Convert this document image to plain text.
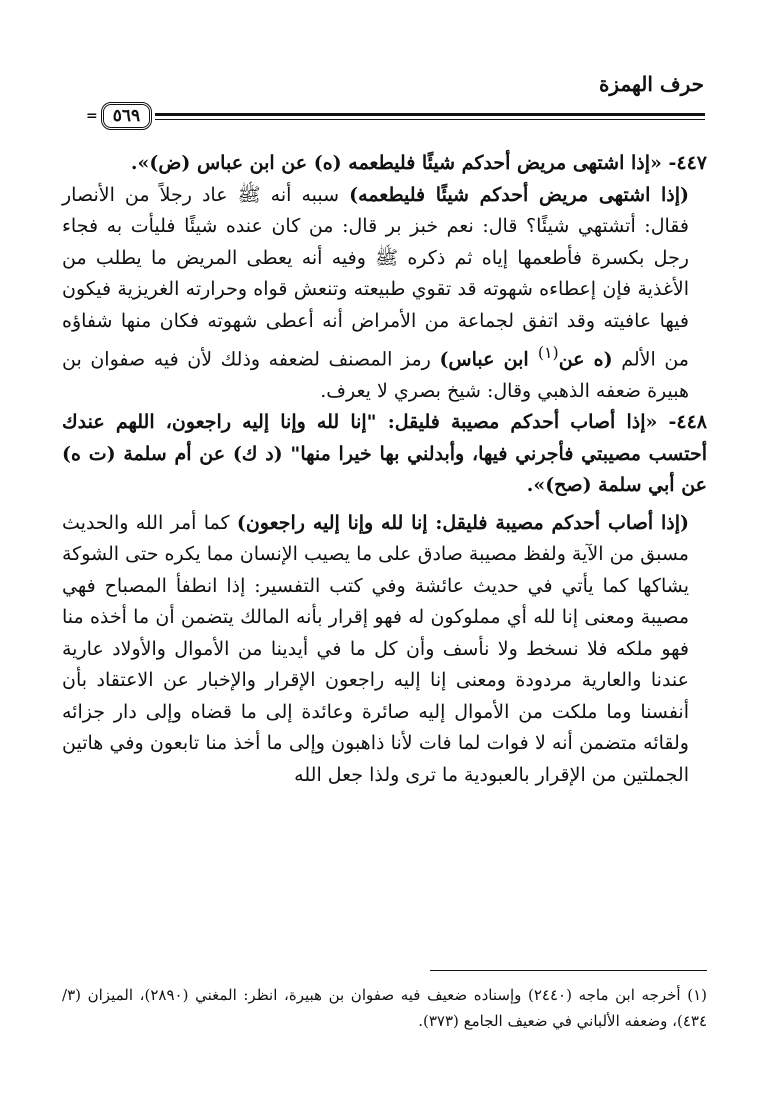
حرف الهمزة
= ٥٦٩

٤٤٧- «إذا اشتهى مريض أحدكم شيئًا فليطعمه (ه) عن ابن عباس (ض)».

(إذا اشتهى مريض أحدكم شيئًا فليطعمه) سببه أنه ﷺ عاد رجلاً من الأنصار فقال: أتشتهي شيئًا؟ قال: نعم خبز بر قال: من كان عنده شيئًا فليأت به فجاء رجل بكسرة فأطعمها إياه ثم ذكره ﷺ وفيه أنه يعطى المريض ما يطلب من الأغذية فإن إعطاءه شهوته قد تقوي طبيعته وتنعش قواه وحرارته الغريزية فيكون فيها عافيته وقد اتفق لجماعة من الأمراض أنه أعطى شهوته فكان منها شفاؤه من الألم (ه عن$^{(١)}$ ابن عباس) رمز المصنف لضعفه وذلك لأن فيه صفوان بن هبيرة ضعفه الذهبي وقال: شيخ بصري لا يعرف.

٤٤٨- «إذا أصاب أحدكم مصيبة فليقل: "إنا لله وإنا إليه راجعون، اللهم عندك أحتسب مصيبتي فأجرني فيها، وأبدلني بها خيرا منها" (د ك) عن أم سلمة (ت ه) عن أبي سلمة (صح)».

(إذا أصاب أحدكم مصيبة فليقل: إنا لله وإنا إليه راجعون) كما أمر الله والحديث مسبق من الآية ولفظ مصيبة صادق على ما يصيب الإنسان مما يكره حتى الشوكة يشاكها كما يأتي في حديث عائشة وفي كتب التفسير: إذا انطفأ المصباح فهي مصيبة ومعنى إنا لله أي مملوكون له فهو إقرار بأنه المالك يتضمن أن ما أخذه منا فهو ملكه فلا نسخط ولا نأسف وأن كل ما في أيدينا من الأموال والأولاد عارية عندنا والعارية مردودة ومعنى إنا إليه راجعون الإقرار والإخبار عن الاعتقاد بأن أنفسنا وما ملكت من الأموال إليه صائرة وعائدة إلى ما قضاه وإلى دار جزائه ولقائه متضمن أنه لا فوات لما فات لأنا ذاهبون وإلى ما أخذ منا تابعون وفي هاتين الجملتين من الإقرار بالعبودية ما ترى ولذا جعل الله

(١) أخرجه ابن ماجه (٢٤٤٠) وإسناده ضعيف فيه صفوان بن هبيرة، انظر: المغني (٢٨٩٠)، الميزان (٣/ ٤٣٤)، وضعفه الألباني في ضعيف الجامع (٣٧٣).
